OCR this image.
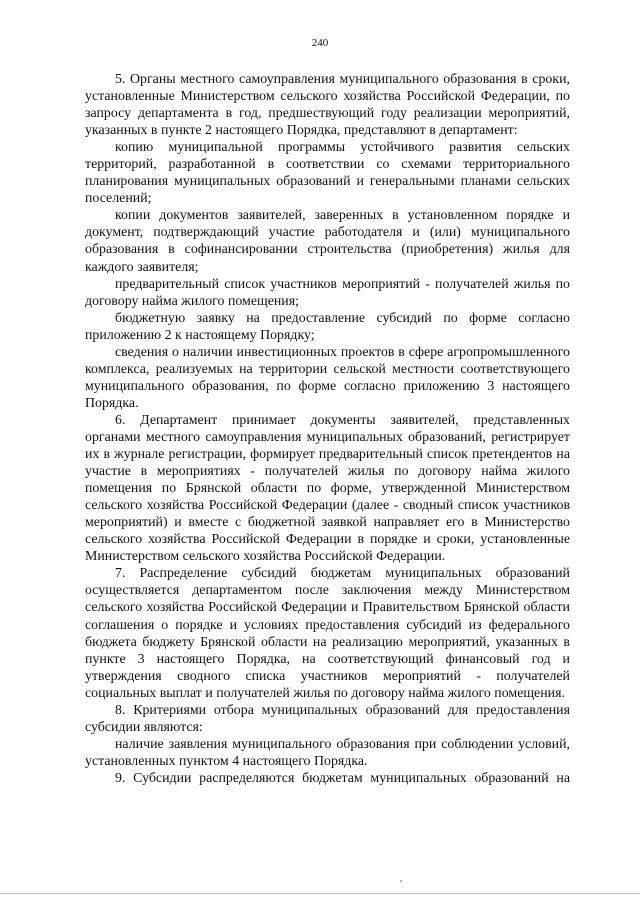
240

5. Органы местного самоуправления муниципального образования в сроки, установленные Министерством сельского хозяйства Российской Федерации, по запросу департамента в год, предшествующий году реализации мероприятий, указанных в пункте 2 настоящего Порядка, представляют в департамент:

копию муниципальной программы устойчивого развития сельских территорий, разработанной в соответствии со схемами территориального планирования муниципальных образований и генеральными планами сельских поселений;

копии документов заявителей, заверенных в установленном порядке и документ, подтверждающий участие работодателя и (или) муниципального образования в софинансировании строительства (приобретения) жилья для каждого заявителя;

предварительный список участников мероприятий - получателей жилья по договору найма жилого помещения;

бюджетную заявку на предоставление субсидий по форме согласно приложению 2 к настоящему Порядку;

сведения о наличии инвестиционных проектов в сфере агропромышленного комплекса, реализуемых на территории сельской местности соответствующего муниципального образования, по форме согласно приложению 3 настоящего Порядка.

6. Департамент принимает документы заявителей, представленных органами местного самоуправления муниципальных образований, регистрирует их в журнале регистрации, формирует предварительный список претендентов на участие в мероприятиях - получателей жилья по договору найма жилого помещения по Брянской области по форме, утвержденной Министерством сельского хозяйства Российской Федерации (далее - сводный список участников мероприятий) и вместе с бюджетной заявкой направляет его в Министерство сельского хозяйства Российской Федерации в порядке и сроки, установленные Министерством сельского хозяйства Российской Федерации.

7. Распределение субсидий бюджетам муниципальных образований осуществляется департаментом после заключения между Министерством сельского хозяйства Российской Федерации и Правительством Брянской области соглашения о порядке и условиях предоставления субсидий из федерального бюджета бюджету Брянской области на реализацию мероприятий, указанных в пункте 3 настоящего Порядка, на соответствующий финансовый год и утверждения сводного списка участников мероприятий - получателей социальных выплат и получателей жилья по договору найма жилого помещения.

8. Критериями отбора муниципальных образований для предоставления субсидии являются:

наличие заявления муниципального образования при соблюдении условий, установленных пунктом 4 настоящего Порядка.

9. Субсидии распределяются бюджетам муниципальных образований на
